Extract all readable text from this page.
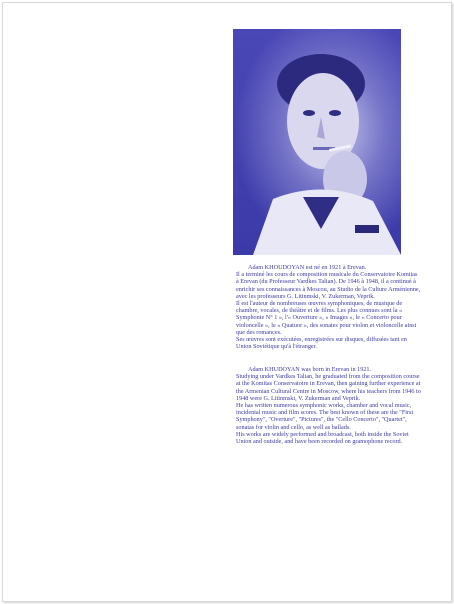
Adam KHOUDOYAN est né en 1921 à Erevan.

Il a terminé les cours de composition musicale du Conservatoire Komitas à Erevan (du Professeur Vardkes Talian). De 1946 à 1948, il a continué à enrichir ses connaissances à Moscou, au Studio de la Culture Arménienne, avec les professeurs G. Litinmski, V. Zukerman, Veprik.

Il est l'auteur de nombreuses œuvres symphoniques, de musique de chambre, vocales, de théâtre et de films. Les plus connues sont la « Symphonie N° 1 », l'« Ouverture », « Images », le « Concerto pour violoncelle », le « Quatuor », des sonates pour violon et violoncelle ainsi que des romances.

Ses œuvres sont exécutées, enregistrées sur disques, diffusées tant en Union Soviétique qu'à l'étranger.

Adam KHUDOYAN was born in Erevan in 1921.

Studying under Vardkes Talian, he graduated from the composition course at the Komitas Conservatoire in Erevan, then gaining further experience at the Armenian Cultural Centre in Moscow, where his teachers from 1946 to 1948 were G. Litinmski, V. Zukerman and Veprik.

He has written numerous symphonic works, chamber and vocal music, incidental music and film scores. The best known of these are the "First Symphony", "Overture", "Pictures", the "Cello Concerto", "Quartet", sonatas for violin and cello, as well as ballads.

His works are widely performed and broadcast, both inside the Soviet Union and outside, and have been recorded on gramophone record.
